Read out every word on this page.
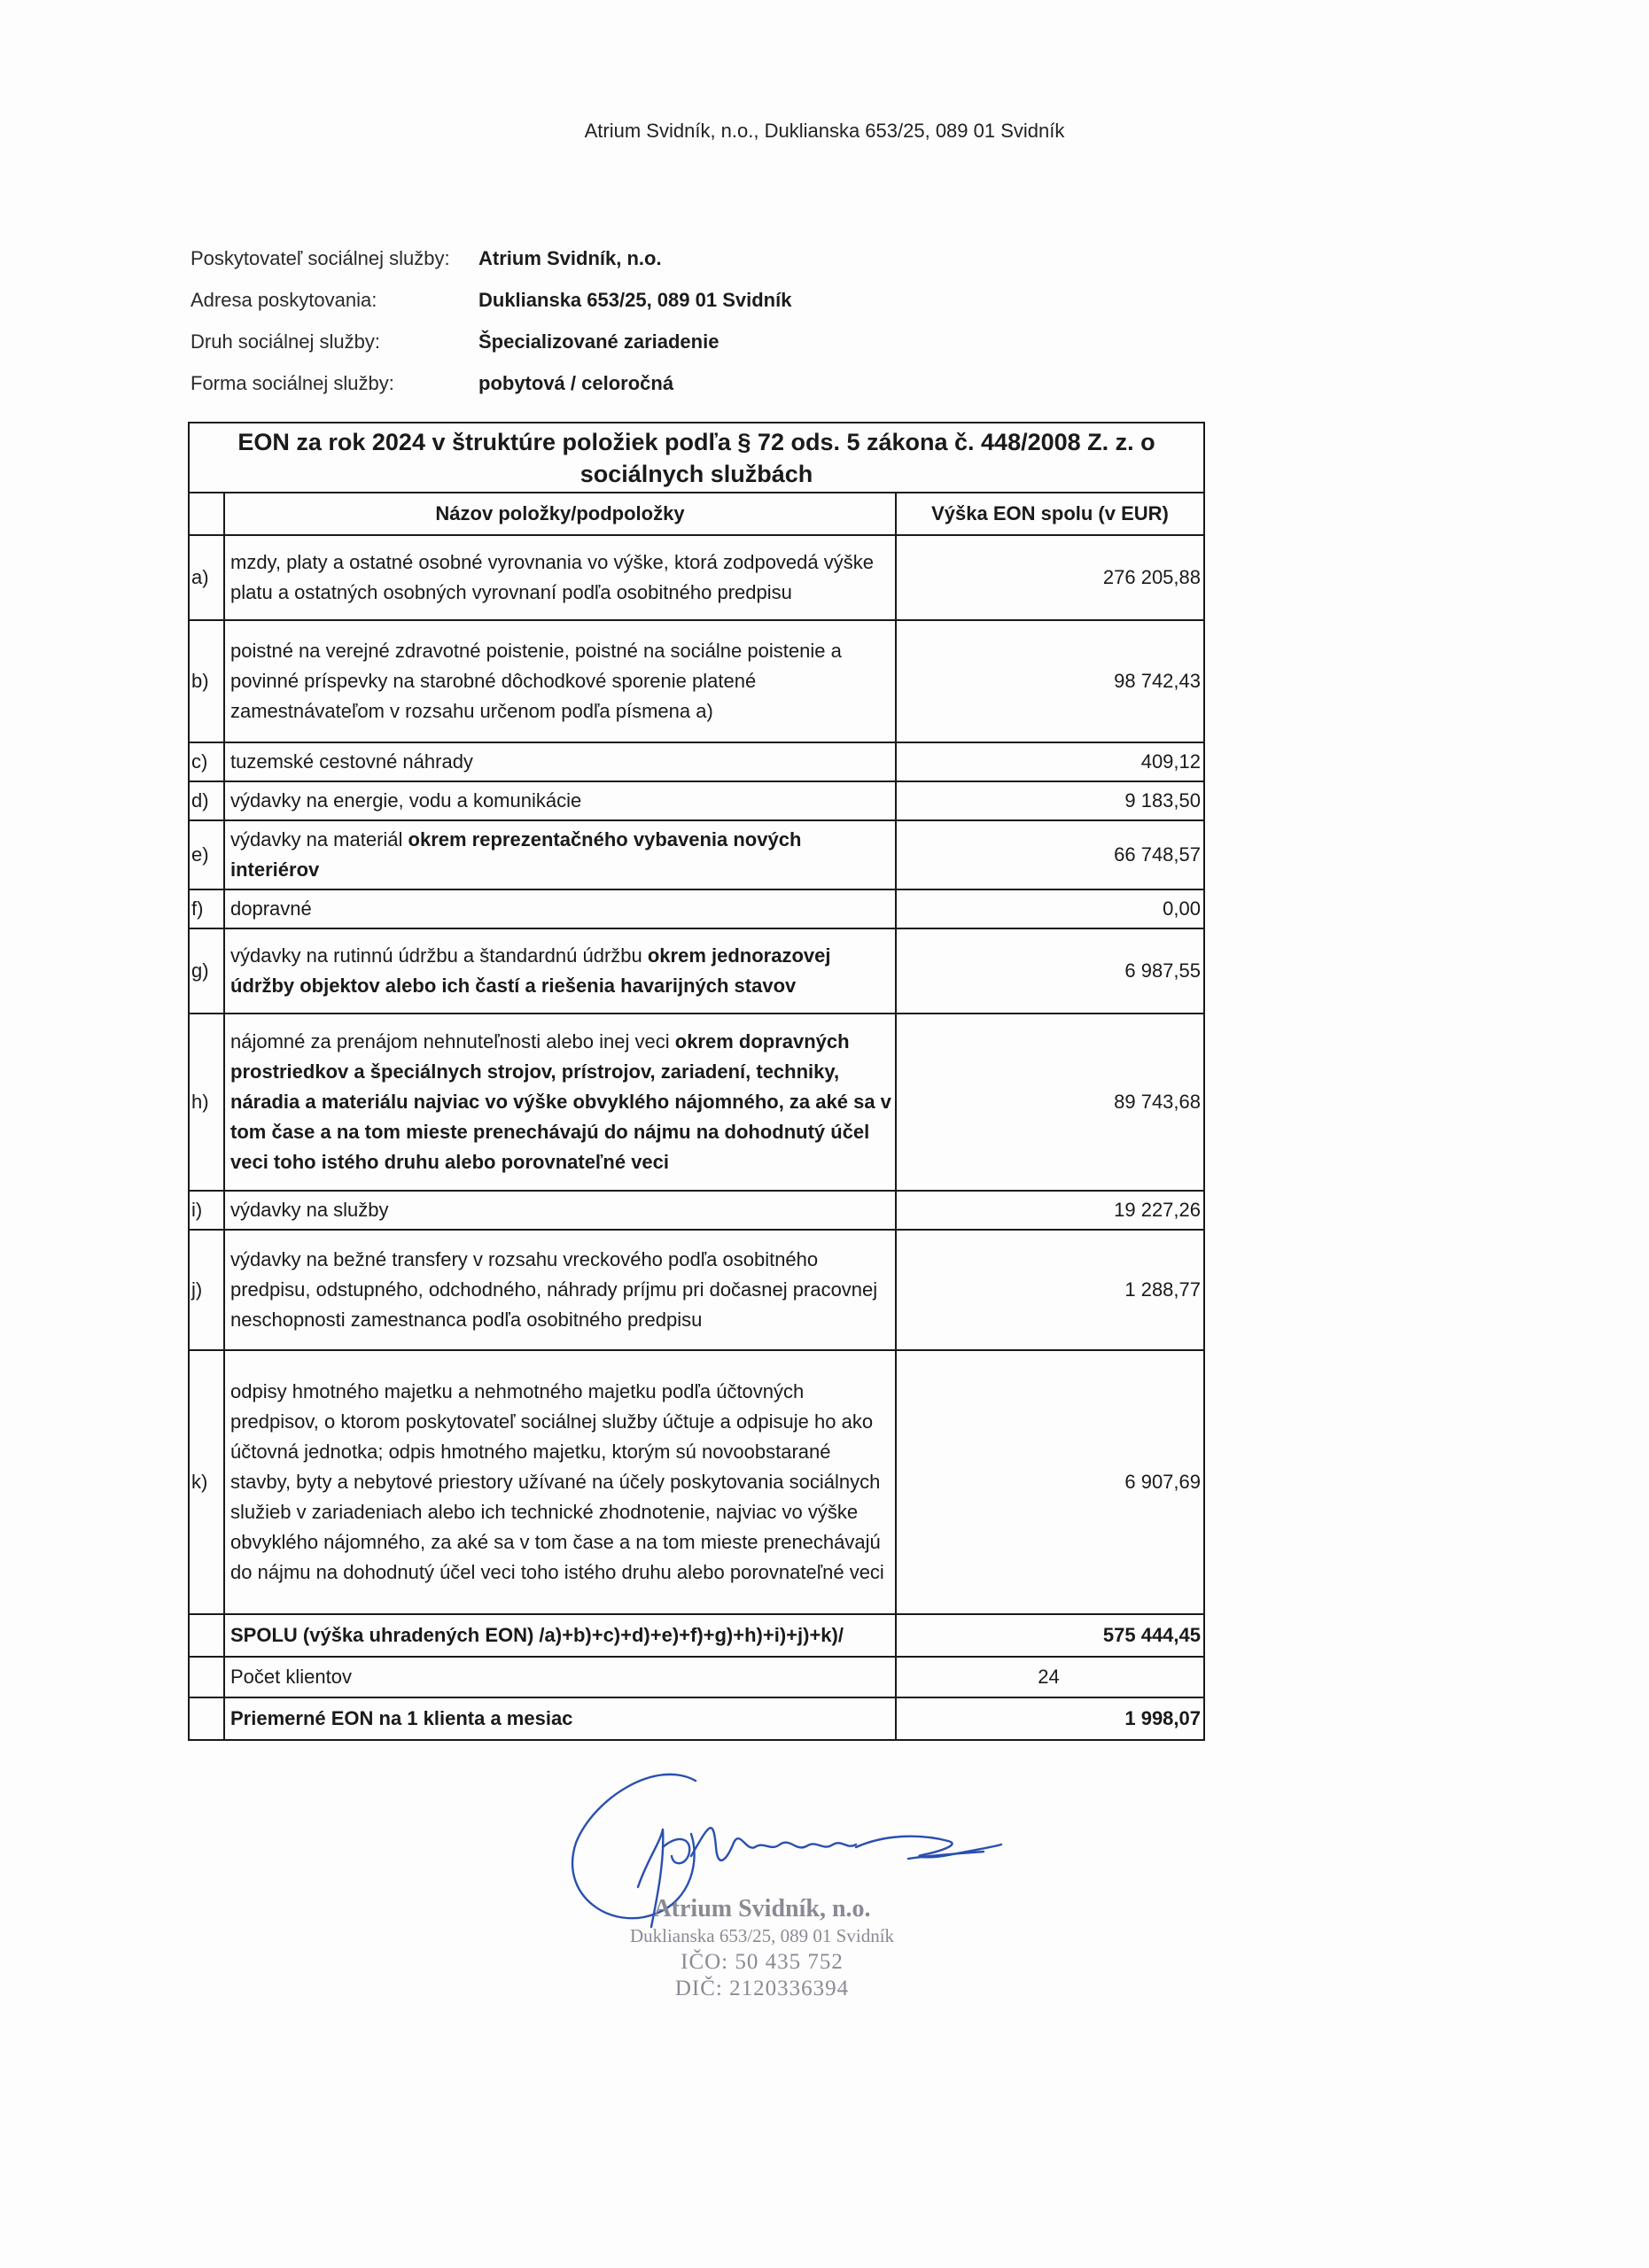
Atrium Svidník, n.o., Duklianska 653/25, 089 01 Svidník
Poskytovateľ sociálnej služby:	Atrium Svidník, n.o.
Adresa poskytovania:	Duklianska 653/25, 089 01 Svidník
Druh sociálnej služby:	Špecializované zariadenie
Forma sociálnej služby:	pobytová / celoročná
EON za rok 2024 v štruktúre položiek podľa § 72 ods. 5 zákona č. 448/2008 Z. z. o sociálnych službách		
	Názov položky/podpoložky	Výška EON spolu (v EUR)
a)	mzdy, platy a ostatné osobné vyrovnania vo výške, ktorá zodpovedá výške platu a ostatných osobných vyrovnaní podľa osobitného predpisu	276 205,88
b)	poistné na verejné zdravotné poistenie, poistné na sociálne poistenie a povinné príspevky na starobné dôchodkové sporenie platené zamestnávateľom v rozsahu určenom podľa písmena a)	98 742,43
c)	tuzemské cestovné náhrady	409,12
d)	výdavky na energie, vodu a komunikácie	9 183,50
e)	výdavky na materiál okrem reprezentačného vybavenia nových interiérov	66 748,57
f)	dopravné	0,00
g)	výdavky na rutinnú údržbu a štandardnú údržbu okrem jednorazovej údržby objektov alebo ich častí a riešenia havarijných stavov	6 987,55
h)	nájomné za prenájom nehnuteľnosti alebo inej veci okrem dopravných prostriedkov a špeciálnych strojov, prístrojov, zariadení, techniky, náradia a materiálu najviac vo výške obvyklého nájomného, za aké sa v tom čase a na tom mieste prenechávajú do nájmu na dohodnutý účel veci toho istého druhu alebo porovnateľné veci	89 743,68
i)	výdavky na služby	19 227,26
j)	výdavky na bežné transfery v rozsahu vreckového podľa osobitného predpisu, odstupného, odchodného, náhrady príjmu pri dočasnej pracovnej neschopnosti zamestnanca podľa osobitného predpisu	1 288,77
k)	odpisy hmotného majetku a nehmotného majetku podľa účtovných predpisov, o ktorom poskytovateľ sociálnej služby účtuje a odpisuje ho ako účtovná jednotka; odpis hmotného majetku, ktorým sú novoobstarané stavby, byty a nebytové priestory užívané na účely poskytovania sociálnych služieb v zariadeniach alebo ich technické zhodnotenie, najviac vo výške obvyklého nájomného, za aké sa v tom čase a na tom mieste prenechávajú do nájmu na dohodnutý účel veci toho istého druhu alebo porovnateľné veci	6 907,69
	SPOLU (výška uhradených EON) /a)+b)+c)+d)+e)+f)+g)+h)+i)+j)+k)/	575 444,45
	Počet klientov	24
	Priemerné EON na 1 klienta a mesiac	1 998,07
Atrium Svidník, n.o.
Duklianska 653/25, 089 01 Svidník
IČO: 50 435 752
DIČ: 2120336394
